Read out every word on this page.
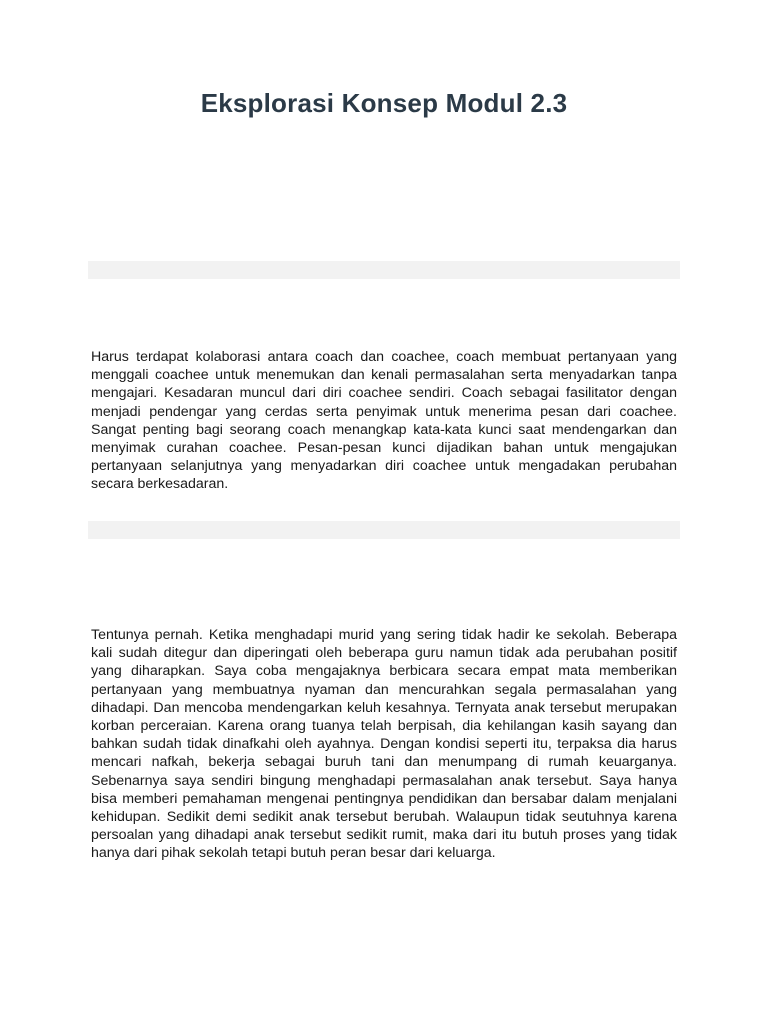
Eksplorasi Konsep Modul 2.3

Harus terdapat kolaborasi antara coach dan coachee, coach membuat pertanyaan yang menggali coachee untuk menemukan dan kenali permasalahan serta menyadarkan tanpa mengajari. Kesadaran muncul dari diri coachee sendiri. Coach sebagai fasilitator dengan menjadi pendengar yang cerdas serta penyimak untuk menerima pesan dari coachee. Sangat penting bagi seorang coach menangkap kata-kata kunci saat mendengarkan dan menyimak curahan coachee. Pesan-pesan kunci dijadikan bahan untuk mengajukan pertanyaan selanjutnya yang menyadarkan diri coachee untuk mengadakan perubahan secara berkesadaran.

Tentunya pernah. Ketika menghadapi murid yang sering tidak hadir ke sekolah. Beberapa kali sudah ditegur dan diperingati oleh beberapa guru namun tidak ada perubahan positif yang diharapkan. Saya coba mengajaknya berbicara secara empat mata memberikan pertanyaan yang membuatnya nyaman dan mencurahkan segala permasalahan yang dihadapi. Dan mencoba mendengarkan keluh kesahnya. Ternyata anak tersebut merupakan korban perceraian. Karena orang tuanya telah berpisah, dia kehilangan kasih sayang dan bahkan sudah tidak dinafkahi oleh ayahnya. Dengan kondisi seperti itu, terpaksa dia harus mencari nafkah, bekerja sebagai buruh tani dan menumpang di rumah keuarganya. Sebenarnya saya sendiri bingung menghadapi permasalahan anak tersebut. Saya hanya bisa memberi pemahaman mengenai pentingnya pendidikan dan bersabar dalam menjalani kehidupan. Sedikit demi sedikit anak tersebut berubah. Walaupun tidak seutuhnya karena persoalan yang dihadapi anak tersebut sedikit rumit, maka dari itu butuh proses yang tidak hanya dari pihak sekolah tetapi butuh peran besar dari keluarga.
